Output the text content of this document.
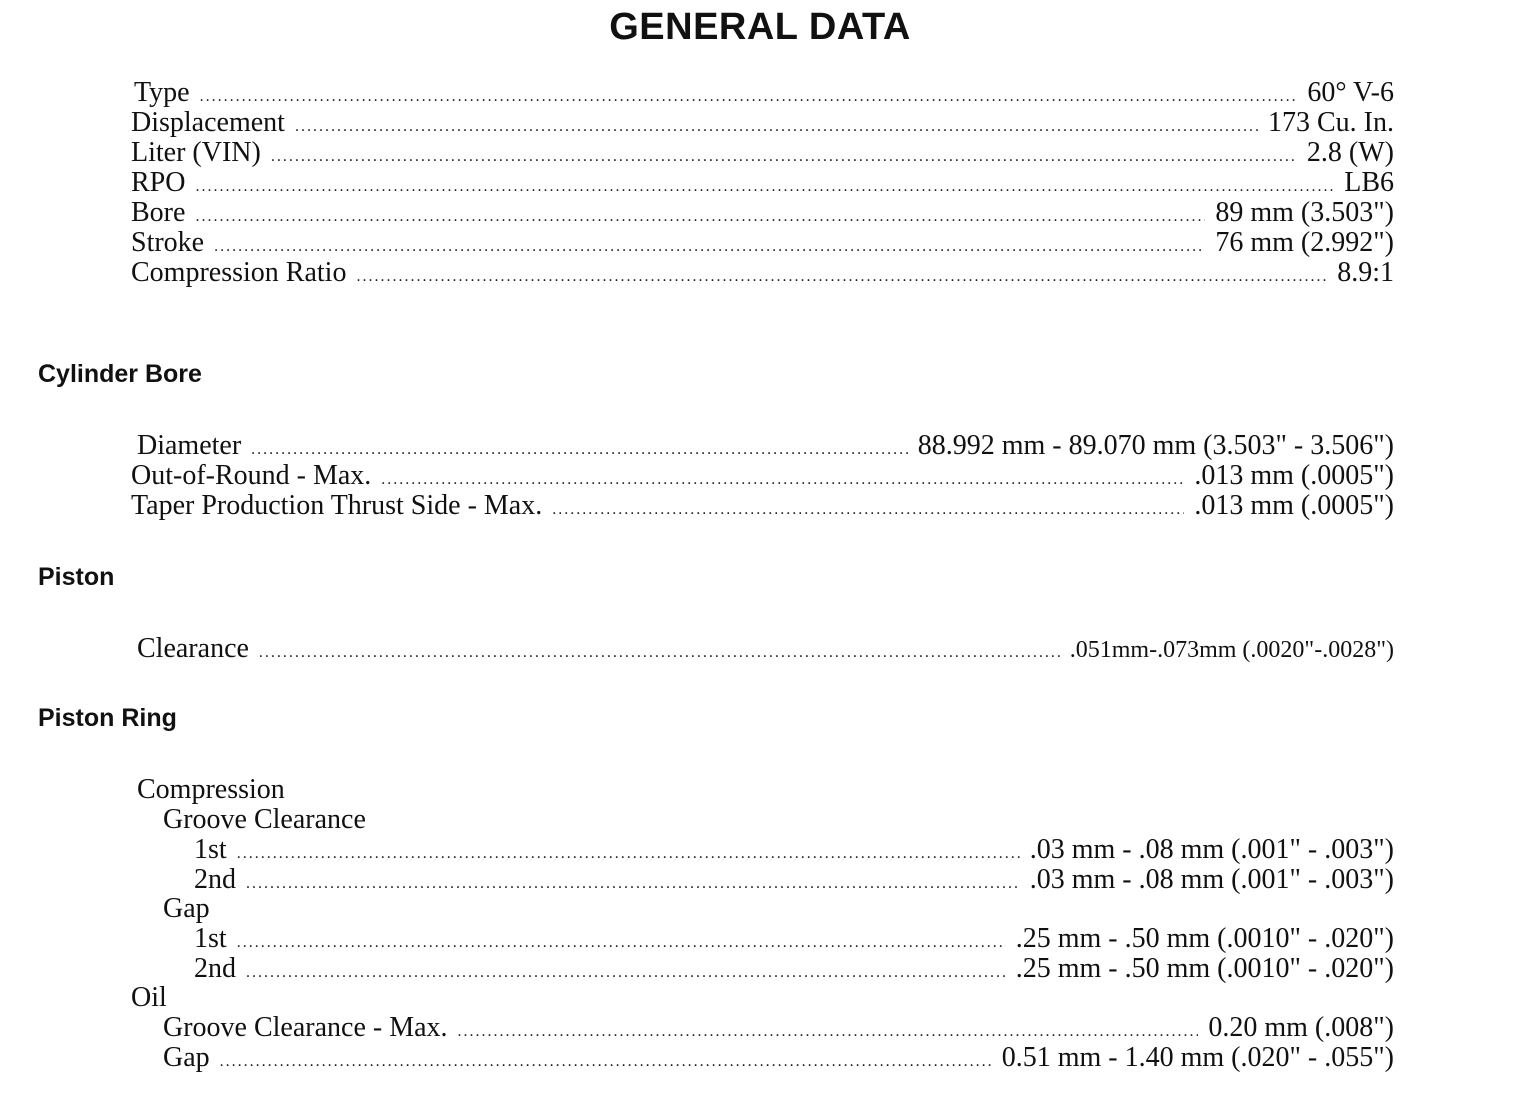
GENERAL DATA
Type .....	60° V-6
Displacement .....	173 Cu. In.
Liter (VIN) .....	2.8 (W)
RPO .....	LB6
Bore .....	89 mm (3.503")
Stroke .....	76 mm (2.992")
Compression Ratio .....	8.9:1
Cylinder Bore
Diameter .....	88.992 mm - 89.070 mm (3.503" - 3.506")
Out-of-Round - Max. .....	.013 mm (.0005")
Taper Production Thrust Side - Max. .....	.013 mm (.0005")
Piston
Clearance .....	.051mm-.073mm (.0020"-.0028")
Piston Ring

Compression

Groove Clearance

1st .....	.03 mm - .08 mm (.001" - .003")
2nd .....	.03 mm - .08 mm (.001" - .003")

Gap

1st .....	.25 mm - .50 mm (.0010" - .020")
2nd .....	.25 mm - .50 mm (.0010" - .020")

Oil

Groove Clearance - Max. .....	0.20 mm (.008")
Gap .....	0.51 mm - 1.40 mm (.020" - .055")
